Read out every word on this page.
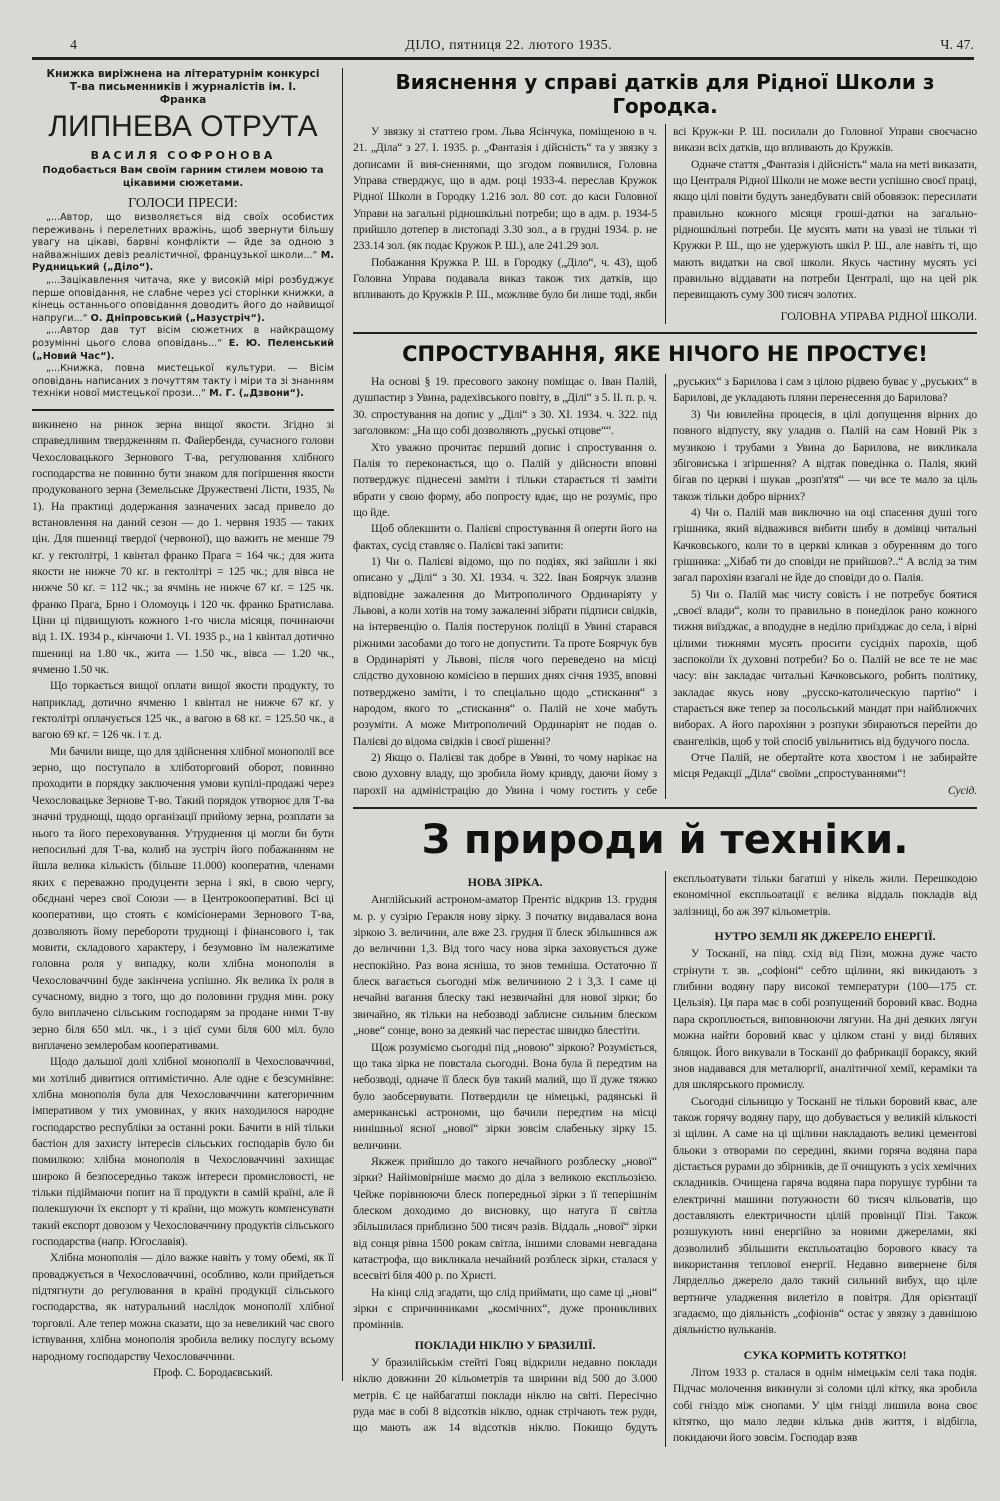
4	ДІЛО, пятниця 22. лютого 1935.	Ч. 47.
Книжка виріжнена на літературнім конкурсі Т-ва письменників і журналістів ім. І. Франка
ЛИПНЕВА ОТРУТА
ВАСИЛЯ СОФРОНОВА
Подобається Вам своїм гарним стилем мовою та цікавими сюжетами.
ГОЛОСИ ПРЕСИ:
„...Автор, що визволяється від своїх особистих переживань і перелетних вражінь, щоб звернути більшу увагу на цікаві, барвні конфлікти — йде за одною з найважніших девіз реалістичної, французької школи...“ М. Рудницький („Діло“).
„...Зацікавлення читача, яке у високій мірі розбуджує перше оповідання, не слабне через усі сторінки книжки, а кінець останнього оповідання доводить його до найвищої напруги...“ О. Дніпровський („Назустріч“).
„...Автор дав тут вісім сюжетних в найкращому розумінні цього слова оповідань...“ Е. Ю. Пеленський („Новий Час“).
„...Книжка, повна мистецької культури. — Вісім оповідань написаних з почуттям такту і міри та зі знанням техніки нової мистецької прози...“ М. Г. („Дзвони“).

викинено на ринок зерна вищої якости. Згідно зі справедливим твердженням п. Файербенда, сучасного голови Чехословацького Зернового Т-ва, регулювання хлібного господарства не повинно бути знаком для погіршення якости продукованого зерна (Земельське Дружествені Лісти, 1935, № 1). На практиці додержання зазначених засад привело до встановлення на даний сезон — до 1. червня 1935 — таких цін. Для пшениці твердої (червоної), що важить не менше 79 кґ. у гектолітрі, 1 квінтал франко Прага = 164 чк.; для жита якости не нижче 70 кґ. в гектолітрі = 125 чк.; для вівса не нижче 50 кґ. = 112 чк.; за ячмінь не нижче 67 кґ. = 125 чк. франко Прага, Брно і Оломоуць і 120 чк. франко Братислава. Ціни ці підвищують кожного 1-го числа місяця, починаючи від 1. IX. 1934 р., кінчаючи 1. VI. 1935 р., на 1 квінтал дотично пшениці на 1.80 чк., жита — 1.50 чк., вівса — 1.20 чк., ячменю 1.50 чк.

Що торкається вищої оплати вищої якости продукту, то наприклад, дотично ячменю 1 квінтал не нижче 67 кґ. у гектолітрі оплачується 125 чк., а вагою в 68 кґ. = 125.50 чк., а вагою 69 кґ. = 126 чк. і т. д.

Ми бачили вище, що для здійснення хлібної монополії все зерно, що поступало в хліботорговий оборот, повинно проходити в порядку заключення умови купілі-продажі через Чехословацьке Зернове Т-во. Такий порядок утворює для Т-ва значні труднощі, щодо організації прийому зерна, розплати за нього та його переховування. Утруднення ці могли би бути непосильні для Т-ва, колиб на зустріч його побажанням не йшла велика кількість (більше 11.000) кооператив, членами яких є переважно продуценти зерна і які, в свою чергу, обєднані через свої Союзи — в Центрокооперативі. Всі ці кооперативи, що стоять є комісіонерами Зернового Т-ва, дозволяють йому перебороти труднощі і фінансового і, так мовити, складового характеру, і безумовно їм належатиме головна роля у випадку, коли хлібна монополія в Чехословаччині буде закінчена успішно. Як велика їх роля в сучасному, видно з того, що до половини грудня мин. року було виплачено сільським господарям за продане ними Т-ву зерно біля 650 міл. чк., і з цієї суми біля 600 міл. було виплачено землеробам кооперативами.

Щодо дальшої долі хлібної монополії в Чехословаччині, ми хотілиб дивитися оптимістично. Але одне є безсумнівне: хлібна монополія була для Чехословаччини категоричним імперативом у тих умовинах, у яких находилося народне господарство республіки за останні роки. Бачити в ній тільки бастіон для захисту інтересів сільських господарів було би помилкою: хлібна монополія в Чехословаччині захищає широко й безпосередньо також інтереси промисловості, не тільки підіймаючи попит на її продукти в самій країні, але й полекшуючи їх експорт у ті країни, що можуть компенсувати такий експорт довозом у Чехословаччину продуктів сільського господарства (напр. Югославія).

Хлібна монополія — діло важке навіть у тому обемі, як її проваджується в Чехословаччині, особливо, коли прийдеться підтягнути до регулювання в країні продукції сільського господарства, як натуральний наслідок монополії хлібної торговлі. Але тепер можна сказати, що за невеликий час свого іствування, хлібна монополія зробила велику послугу всьому народному господарству Чехословаччини.

Проф. С. Бородаєвський.

Вияснення у справі датків для Рідної Школи з Городка.

У звязку зі статтею гром. Льва Ясінчука, поміщеною в ч. 21. „Діла“ з 27. І. 1935. р. „Фантазія і дійсність“ та у звязку з дописами й вия-сненнями, що згодом появилися, Головна Управа стверджує, що в адм. році 1933-4. переслав Кружок Рідної Школи в Городку 1.216 зол. 80 сот. до каси Головної Управи на загальні рідношкільні потреби; що в адм. р. 1934-5 прийшло дотепер в листопаді 3.30 зол., а в грудні 1934. р. не 233.14 зол. (як подає Кружок Р. Ш.), але 241.29 зол.

Побажання Кружка Р. Ш. в Городку („Діло“, ч. 43), щоб Головна Управа подавала виказ також тих датків, що впливають до Кружків Р. Ш., можливе було би лише тоді, якби всі Круж-ки Р. Ш. посилали до Головної Управи своєчасно викази всіх датків, що впливають до Кружків.

Одначе стаття „Фантазія і дійсність“ мала на меті виказати, що Централя Рідної Школи не може вести успішно своєї праці, якщо цілі повіти будуть занедбувати свій обовязок: пересилати правильно кожного місяця гроші-датки на загально-рідношкільні потреби. Це мусять мати на увазі не тільки ті Кружки Р. Ш., що не удержують шкіл Р. Ш., але навіть ті, що мають видатки на свої школи. Якусь частину мусять усі правильно віддавати на потреби Централі, що на цей рік перевищають суму 300 тисяч золотих.

ГОЛОВНА УПРАВА РІДНОЇ ШКОЛИ.

СПРОСТУВАННЯ, ЯКЕ НІЧОГО НЕ ПРОСТУЄ!

На основі § 19. пресового закону поміщає о. Іван Палій, душпастир з Увина, радехівського повіту, в „Ділі“ з 5. II. п. р. ч. 30. спростування на допис у „Ділі“ з 30. XI. 1934. ч. 322. під заголовком: „На що собі дозволяють „руські отцове““.

Хто уважно прочитає перший допис і спростування о. Палія то переконається, що о. Палій у дійсности вповні потверджує піднесені заміти і тільки старається ті заміти вбрати у свою форму, або попросту вдає, що не розуміє, про що йде.

Щоб облекшити о. Палієві спростування й оперти його на фактах, сусід ставляє о. Палієві такі запити:

1) Чи о. Палієві відомо, що по подіях, які зайшли і які описано у „Ділі“ з 30. XI. 1934. ч. 322. Іван Боярчук злазив відповідне зажалення до Митрополичого Ординаріяту у Львові, а коли хотів на тому зажаленні зібрати підписи свідків, на інтервенцію о. Палія постерунок поліції в Увині старався ріжними засобами до того не допустити. Та проте Боярчук був в Ординаріяті у Львові, після чого переведено на місці слідство духовною комісією в перших днях січня 1935, вповні потверджено заміти, і то спеціально щодо „стискання“ з народом, якого то „стискання“ о. Палій не хоче мабуть розуміти. А може Митрополичий Ординаріят не подав о. Палієві до відома свідків і своєї рішенні?

2) Якщо о. Палієві так добре в Увині, то чому нарікає на свою духовну владу, що зробила йому кривду, даючи йому з парохії на адміністрацію до Увина і чому гостить у себе „руських“ з Барилова і сам з цілою рідвею буває у „руських“ в Барилові, де укладають пляни перенесення до Барилова?

3) Чи ювилейна процесія, в цілі допущення вірних до повного відпусту, яку уладив о. Палій на сам Новий Рік з музикою і трубами з Увина до Барилова, не викликала збіговиська і згіршення? А відтак поведінка о. Палія, який бігав по церкві і шукав „розп'ятя“ — чи все те мало за ціль також тільки добро вірних?

4) Чи о. Палій мав виключно на оці спасення душі того грішника, який відважився вибити шибу в домівці читальні Качковського, коли то в церкві кликав з обуренням до того грішника: „Хібаб ти до сповіди не прийшов?..“ А вслід за тим загал парохіян взагалі не йде до сповіди до о. Палія.

5) Чи о. Палій має чисту совість і не потребує боятися „своєї влади“, коли то правильно в понеділок рано кожного тижня виїзджає, а вподудне в неділю приїзджає до села, і вірні цілими тижнями мусять просити сусідніх парохів, щоб заспокоїли їх духовні потреби? Бо о. Палій не все те не має часу: він закладає читальні Качковського, робить політику, закладає якусь нову „русско-католическую партію“ і старається вже тепер за посольський мандат при найближчих виборах. А його парохіяни з розпуки збираються перейти до євангеліків, щоб у той спосіб увільнитись від будучого посла.

Отче Палій, не обертайте кота хвостом і не забирайте місця Редакції „Діла“ своїми „спростуваннями“!

Сусід.

З природи й техніки.

НОВА ЗІРКА.

Англійський астроном-аматор Прентіс відкрив 13. грудня м. р. у сузірю Геракля нову зірку. З початку видавалася вона зіркою 3. величини, але вже 23. грудня її блеск збільшився аж до величини 1,3. Від того часу нова зірка заховується дуже неспокійно. Раз вона ясніша, то знов темніша. Остаточно її блеск вагається сьогодні між величиною 2 і 3,3. І саме ці нечайні вагання блеску такі незвичайні для нової зірки; бо звичайно, як тільки на небозводі заблисне сильним блеском „нове“ сонце, воно за деякий час перестає швидко блестіти.

Щож розуміємо сьогодні під „новою“ зіркою? Розуміється, що така зірка не повстала сьогодні. Вона була й передтим на небозводі, одначе її блеск був такий малий, що її дуже тяжко було заобсервувати. Потвердили це німецькі, радянські й американські астрономи, що бачили передтим на місці нинішньої ясної „нової“ зірки зовсім слабеньку зірку 15. величини.

Якжеж прийшло до такого нечайного розблеску „нової“ зірки? Найімовірніше маємо до діла з великою експльозією. Чейже порівнюючи блеск попередньої зірки з її теперішнім блеском доходимо до висновку, що натуга її світла збільшилася приблизно 500 тисяч разів. Віддаль „нової“ зірки від сонця рівна 1500 рокам світла, іншими словами невгадана катастрофа, що викликала нечайний розблеск зірки, сталася у всесвіті біля 400 р. по Христі.

На кінці слід згадати, що слід приймати, що саме ці „нові“ зірки є спричинниками „космічних“, дуже проникливих проміннів.

ПОКЛАДИ НІКЛЮ У БРАЗИЛІЇ.

У бразилійськім стейті Гояц відкрили недавно поклади ніклю довжини 20 кільометрів та ширини від 500 до 3.000 метрів. Є це найбагатші поклади ніклю на світі. Пересічно руда має в собі 8 відсотків ніклю, однак стрічають теж руди, що мають аж 14 відсотків ніклю. Покищо будуть експльоатувати тільки багатші у нікель жили. Перешкодою економічної експльоатації є велика віддаль покладів від залізниці, бо аж 397 кільометрів.

НУТРО ЗЕМЛІ ЯК ДЖЕРЕЛО ЕНЕРГІЇ.

У Тосканії, на півд. схід від Пізи, можна дуже часто стрінути т. зв. „софіоні“ себто щілини, які викидають з глибини водяну пару високої температури (100—175 ст. Цельзія). Ця пара має в собі розпущений боровий квас. Водна пара скроплюється, виповнюючи лягуни. На дні деяких лягун можна найти боровий квас у цілком стані у виді білявих блящок. Його викували в Тосканії до фабрикації бораксу, який знов надавався для металюргії, аналітичної хемії, кераміки та для шклярського промислу.

Сьогодні сільницю у Тосканії не тільки боровий квас, але також горячу водяну пару, що добувається у великій кількості зі щілин. А саме на ці щілини накладають великі цементові бльоки з отворами по середині, якими горяча водяна пара дістається рурами до збірників, де її очищують з усіх хемічних складників. Очищена гаряча водяна пара порушує турбіни та електричні машини потужности 60 тисяч кільоватів, що доставляють електричности цілій провінції Пізі. Також розшукують нині енергійно за новими джерелами, які дозволилиб збільшити експльоатацію борового квасу та використання теплової енергії. Недавно вивернене біля Лярделльо джерело дало такий сильний вибух, що ціле вертниче уладження вилетіло в повітря. Для орієнтації згадаємо, що діяльність „софіонів“ остає у звязку з давнішою діяльністю вульканів.

СУКА КОРМИТЬ КОТЯТКО!

Літом 1933 р. сталася в однім німецькім селі така подія. Підчас молочення викинули зі соломи цілі кітку, яка зробила собі гніздо між снопами. У цім гнізді лишила вона своє кітятко, що мало ледви кілька днів життя, і відбігла, покидаючи його зовсім. Господар взяв
